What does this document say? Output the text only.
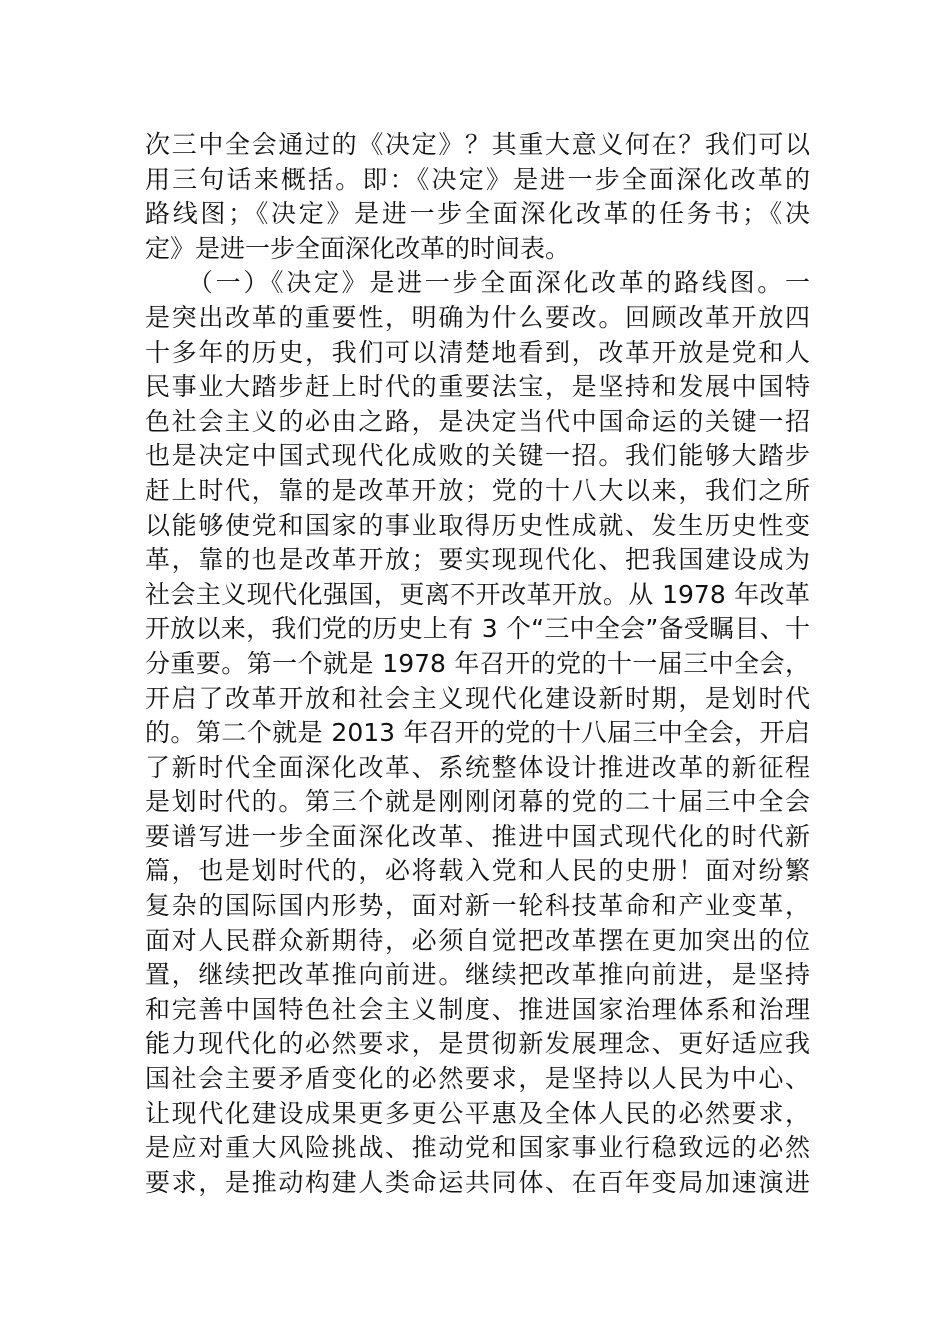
次三中全会通过的《决定》？其重大意义何在？我们可以
用三句话来概括。即：《决定》是进一步全面深化改革的
路线图；《决定》是进一步全面深化改革的任务书；《决
定》是进一步全面深化改革的时间表。
　　（一）《决定》是进一步全面深化改革的路线图。一
是突出改革的重要性，明确为什么要改。回顾改革开放四
十多年的历史，我们可以清楚地看到，改革开放是党和人
民事业大踏步赶上时代的重要法宝，是坚持和发展中国特
色社会主义的必由之路，是决定当代中国命运的关键一招
也是决定中国式现代化成败的关键一招。我们能够大踏步
赶上时代，靠的是改革开放；党的十八大以来，我们之所
以能够使党和国家的事业取得历史性成就、发生历史性变
革，靠的也是改革开放；要实现现代化、把我国建设成为
社会主义现代化强国，更离不开改革开放。从 1978 年改革
开放以来，我们党的历史上有 3 个“三中全会”备受瞩目、十
分重要。第一个就是 1978 年召开的党的十一届三中全会，
开启了改革开放和社会主义现代化建设新时期，是划时代
的。第二个就是 2013 年召开的党的十八届三中全会，开启
了新时代全面深化改革、系统整体设计推进改革的新征程
是划时代的。第三个就是刚刚闭幕的党的二十届三中全会
要谱写进一步全面深化改革、推进中国式现代化的时代新
篇，也是划时代的，必将载入党和人民的史册！面对纷繁
复杂的国际国内形势，面对新一轮科技革命和产业变革，
面对人民群众新期待，必须自觉把改革摆在更加突出的位
置，继续把改革推向前进。继续把改革推向前进，是坚持
和完善中国特色社会主义制度、推进国家治理体系和治理
能力现代化的必然要求，是贯彻新发展理念、更好适应我
国社会主要矛盾变化的必然要求，是坚持以人民为中心、
让现代化建设成果更多更公平惠及全体人民的必然要求，
是应对重大风险挑战、推动党和国家事业行稳致远的必然
要求，是推动构建人类命运共同体、在百年变局加速演进
